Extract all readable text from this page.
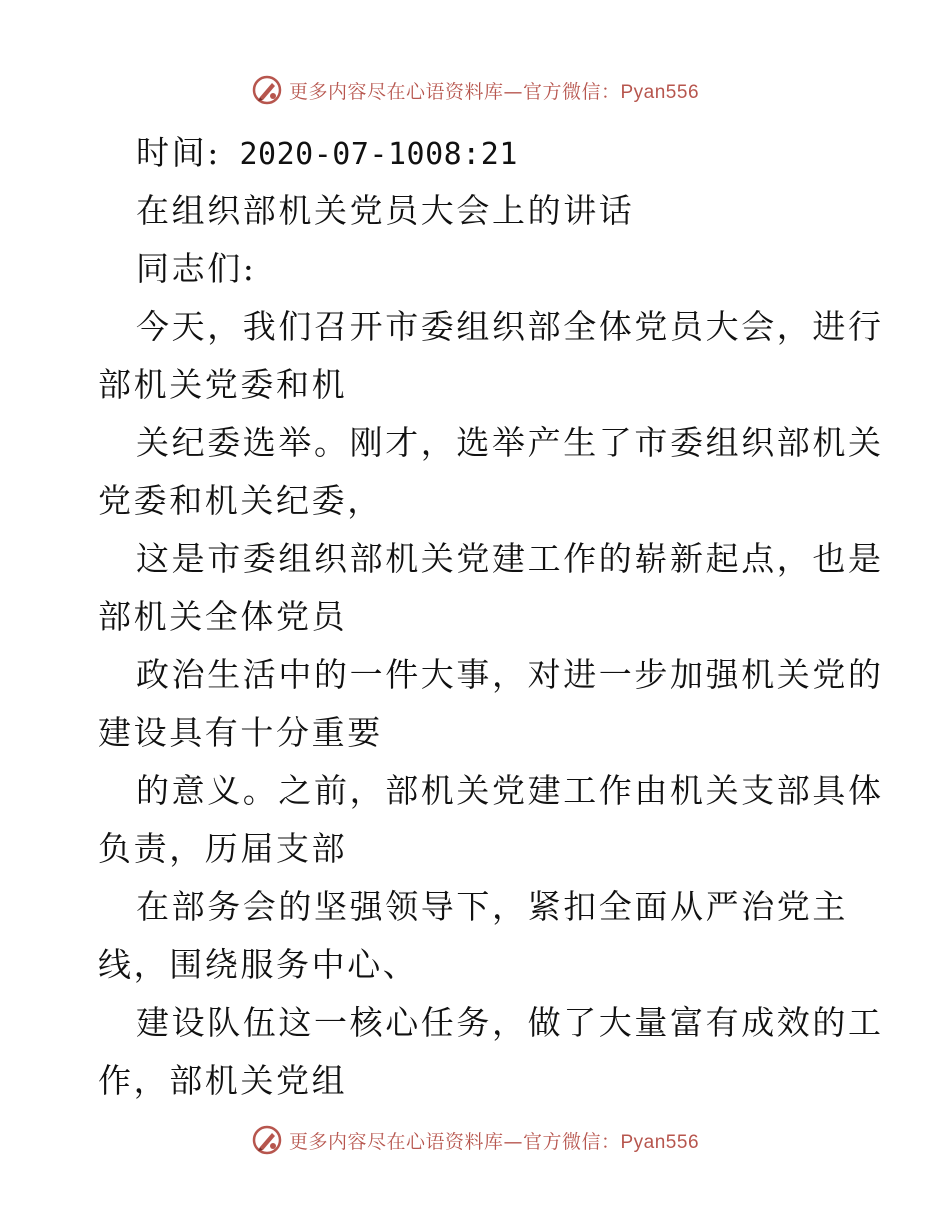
更多内容尽在心语资料库—官方微信：Pyan556
时间: 2020-07-1008:21
在组织部机关党员大会上的讲话
同志们:
今天，我们召开市委组织部全体党员大会，进行
部机关党委和机
关纪委选举。刚才，选举产生了市委组织部机关
党委和机关纪委，
这是市委组织部机关党建工作的崭新起点，也是
部机关全体党员
政治生活中的一件大事，对进一步加强机关党的
建设具有十分重要
的意义。之前，部机关党建工作由机关支部具体
负责，历届支部
在部务会的坚强领导下，紧扣全面从严治党主
线，围绕服务中心、
建设队伍这一核心任务，做了大量富有成效的工
作，部机关党组
更多内容尽在心语资料库—官方微信：Pyan556
